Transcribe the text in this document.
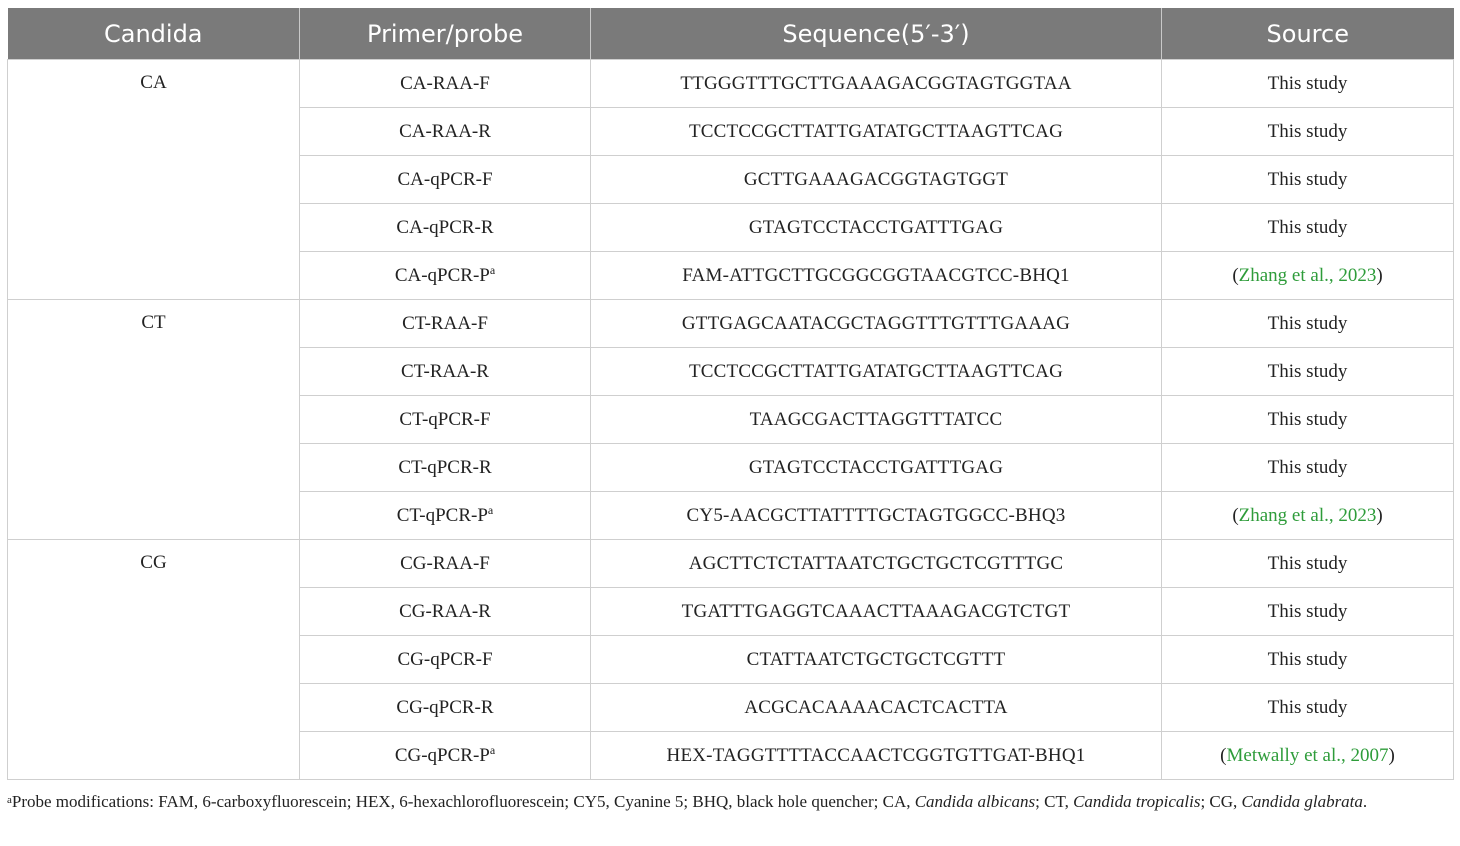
Candida	Primer/probe	Sequence(5′-3′)	Source
CA	CA-RAA-F	TTGGGTTTGCTTGAAAGACGGTAGTGGTAA	This study
	CA-RAA-R	TCCTCCGCTTATTGATATGCTTAAGTTCAG	This study
	CA-qPCR-F	GCTTGAAAGACGGTAGTGGT	This study
	CA-qPCR-R	GTAGTCCTACCTGATTTGAG	This study
	$CA-qPCR-P^a$	FAM-ATTGCTTGCGGCGGTAACGTCC-BHQ1	(Zhang et al., 2023)
CT	CT-RAA-F	GTTGAGCAATACGCTAGGTTTGTTTGAAAG	This study
	CT-RAA-R	TCCTCCGCTTATTGATATGCTTAAGTTCAG	This study
	CT-qPCR-F	TAAGCGACTTAGGTTTATCC	This study
	CT-qPCR-R	GTAGTCCTACCTGATTTGAG	This study
	$CT-qPCR-P^a$	CY5-AACGCTTATTTTGCTAGTGGCC-BHQ3	(Zhang et al., 2023)
CG	CG-RAA-F	AGCTTCTCTATTAATCTGCTGCTCGTTTGC	This study
	CG-RAA-R	TGATTTGAGGTCAAACTTAAAGACGTCTGT	This study
	CG-qPCR-F	CTATTAATCTGCTGCTCGTTT	This study
	CG-qPCR-R	ACGCACAAAACACTCACTTA	This study
	$CG-qPCR-P^a$	HEX-TAGGTTTTACCAACTCGGTGTTGAT-BHQ1	(Metwally et al., 2007)
$^a$Probe modifications: FAM, 6-carboxyfluorescein; HEX, 6-hexachlorofluorescein; CY5, Cyanine 5; BHQ, black hole quencher; CA, Candida albicans; CT, Candida tropicalis; CG, Candida glabrata.
